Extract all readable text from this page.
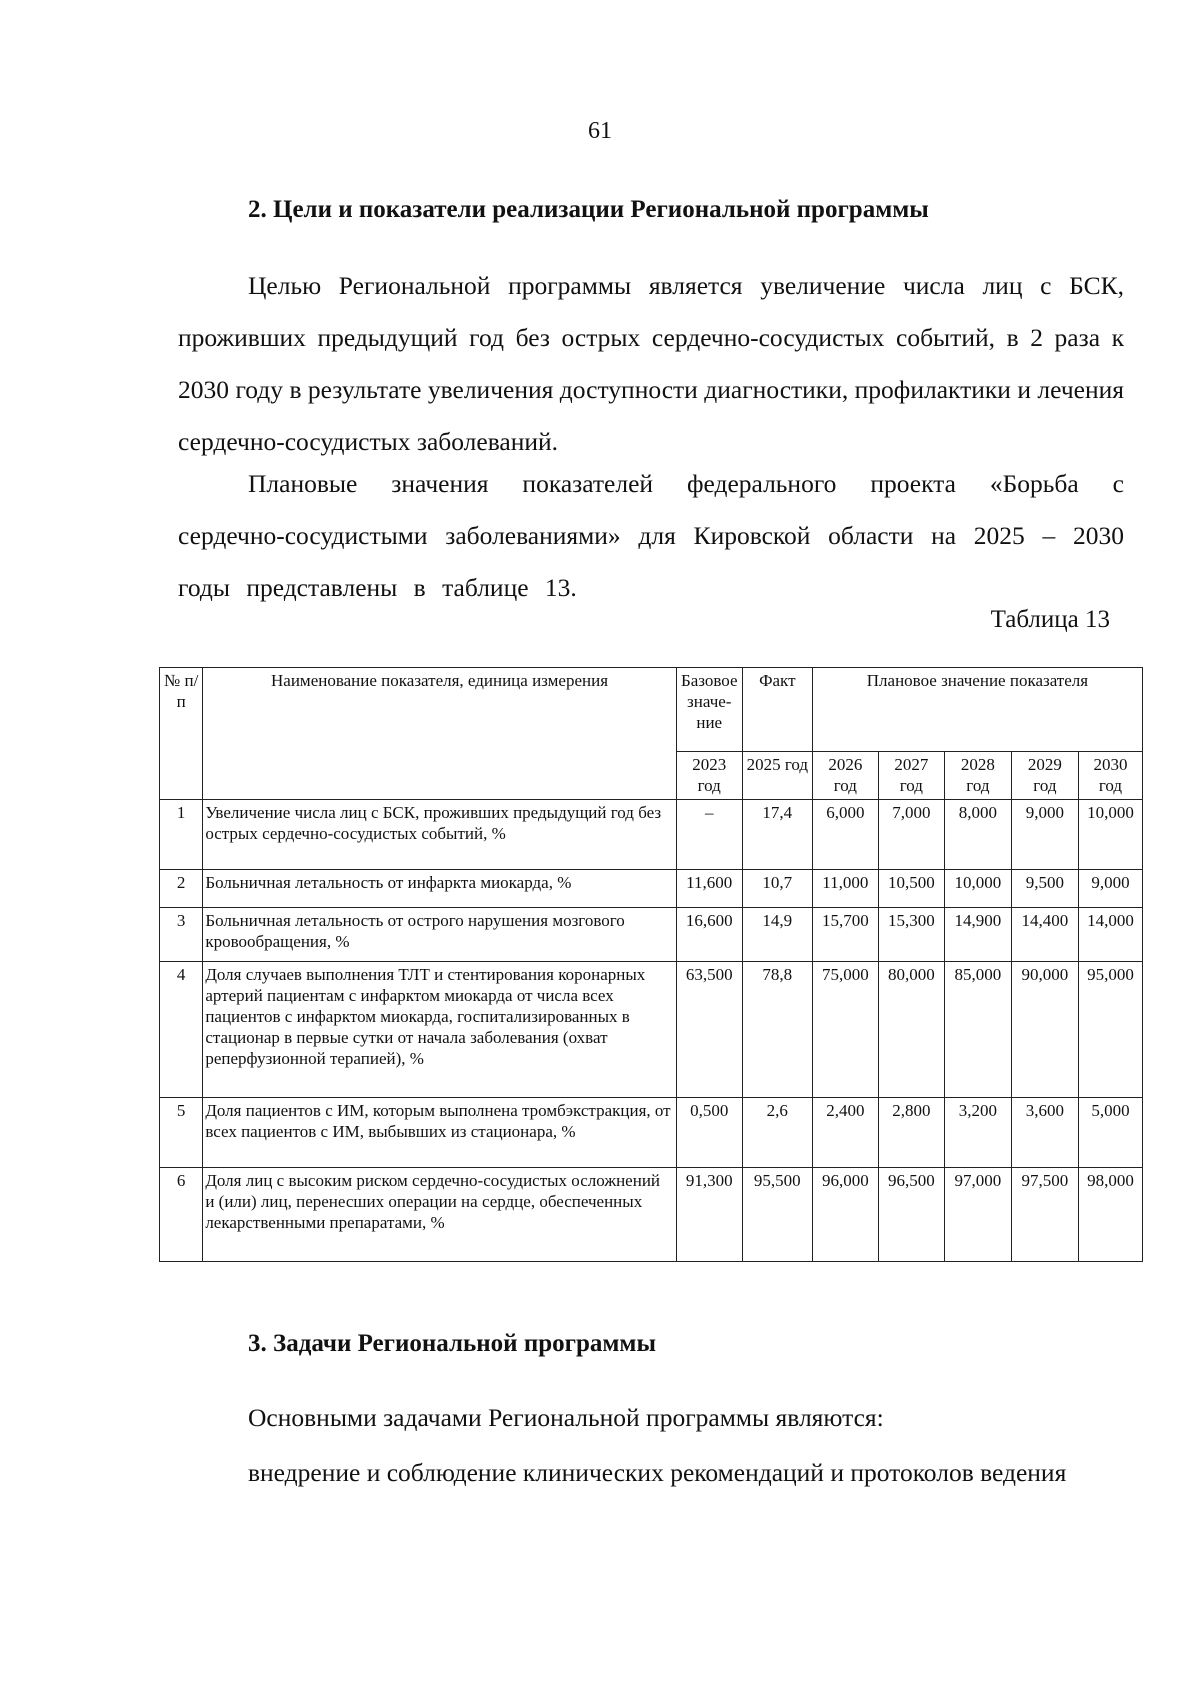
61
2. Цели и показатели реализации Региональной программы
Целью Региональной программы является увеличение числа лиц с БСК, проживших предыдущий год без острых сердечно-сосудистых событий, в 2 раза к 2030 году в результате увеличения доступности диагностики, профилактики и лечения сердечно-сосудистых заболеваний.
Плановые значения показателей федерального проекта «Борьба с сердечно-сосудистыми заболеваниями» для Кировской области на 2025 – 2030 годы представлены в таблице 13.
Таблица 13
№ п/п	Наименование показателя, единица измерения	Базовое значе-ние	Факт	Плановое значение показателя				
		2023 год	2025 год	2026 год	2027 год	2028 год	2029 год	2030 год
1	Увеличение числа лиц с БСК, проживших предыдущий год без острых сердечно-сосудистых событий, %	–	17,4	6,000	7,000	8,000	9,000	10,000
2	Больничная летальность от инфаркта миокарда, %	11,600	10,7	11,000	10,500	10,000	9,500	9,000
3	Больничная летальность от острого нарушения мозгового кровообращения, %	16,600	14,9	15,700	15,300	14,900	14,400	14,000
4	Доля случаев выполнения ТЛТ и стентирования коронарных артерий пациентам с инфарктом миокарда от числа всех пациентов с инфарктом миокарда, госпитализированных в стационар в первые сутки от начала заболевания (охват реперфузионной терапией), %	63,500	78,8	75,000	80,000	85,000	90,000	95,000
5	Доля пациентов с ИМ, которым выполнена тромбэкстракция, от всех пациентов с ИМ, выбывших из стационара, %	0,500	2,6	2,400	2,800	3,200	3,600	5,000
6	Доля лиц с высоким риском сердечно-сосудистых осложнений и (или) лиц, перенесших операции на сердце, обеспеченных лекарственными препаратами, %	91,300	95,500	96,000	96,500	97,000	97,500	98,000
3. Задачи Региональной программы
Основными задачами Региональной программы являются:
внедрение и соблюдение клинических рекомендаций и протоколов ведения
